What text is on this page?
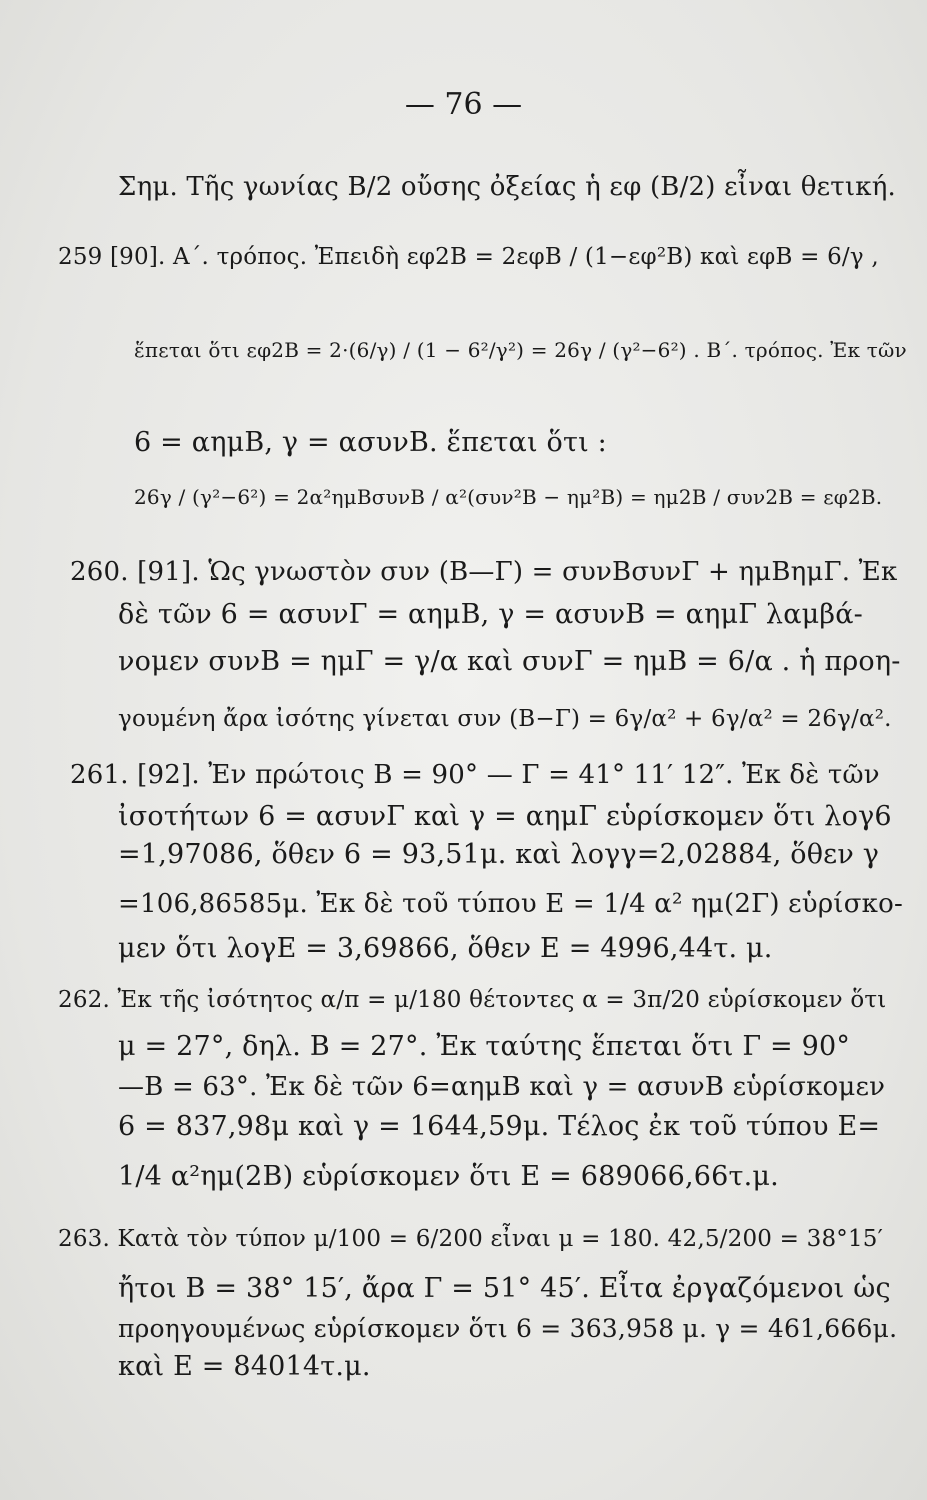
— 76 —
Σημ. Τῆς γωνίας B/2 οὔσης ὀξείας ἡ εφ (B/2) εἶναι θετική.
259 [90]. Α΄. τρόπος. Ἐπειδὴ εφ2Β = 2εφΒ / (1−εφ²Β) καὶ εφΒ = 6/γ ,
ἕπεται ὅτι εφ2Β = 2·(6/γ) / (1 − 6²/γ²) = 26γ / (γ²−6²) . Β΄. τρόπος. Ἐκ τῶν
6 = αημΒ, γ = ασυνΒ. ἕπεται ὅτι :
26γ / (γ²−6²) = 2α²ημΒσυνΒ / α²(συν²Β − ημ²Β) = ημ2Β / συν2Β = εφ2Β.
260. [91]. Ὡς γνωστὸν συν (Β—Γ) = συνΒσυνΓ + ημΒημΓ. Ἐκ
δὲ τῶν 6 = ασυνΓ = αημΒ, γ = ασυνΒ = αημΓ λαμβά-
νομεν συνΒ = ημΓ = γ/α καὶ συνΓ = ημΒ = 6/α . ἡ προη-
γουμένη ἄρα ἰσότης γίνεται συν (Β−Γ) = 6γ/α² + 6γ/α² = 26γ/α².
261. [92]. Ἐν πρώτοις Β = 90° — Γ = 41° 11′ 12″. Ἐκ δὲ τῶν
ἰσοτήτων 6 = ασυνΓ καὶ γ = αημΓ εὑρίσκομεν ὅτι λογ6
=1,97086, ὅθεν 6 = 93,51μ. καὶ λογγ=2,02884, ὅθεν γ
=106,86585μ. Ἐκ δὲ τοῦ τύπου Ε = 1/4 α² ημ(2Γ) εὑρίσκο-
μεν ὅτι λογΕ = 3,69866, ὅθεν Ε = 4996,44τ. μ.
262. Ἐκ τῆς ἰσότητος α/π = μ/180 θέτοντες α = 3π/20 εὑρίσκομεν ὅτι
μ = 27°, δηλ. Β = 27°. Ἐκ ταύτης ἕπεται ὅτι Γ = 90°
—Β = 63°. Ἐκ δὲ τῶν 6=αημΒ καὶ γ = ασυνΒ εὑρίσκομεν
6 = 837,98μ καὶ γ = 1644,59μ. Τέλος ἐκ τοῦ τύπου Ε=
1/4 α²ημ(2Β) εὑρίσκομεν ὅτι Ε = 689066,66τ.μ.
263. Κατὰ τὸν τύπον μ/100 = 6/200 εἶναι μ = 180. 42,5/200 = 38°15′
ἤτοι Β = 38° 15′, ἄρα Γ = 51° 45′. Εἶτα ἐργαζόμενοι ὡς
προηγουμένως εὑρίσκομεν ὅτι 6 = 363,958 μ. γ = 461,666μ.
καὶ Ε = 84014τ.μ.
